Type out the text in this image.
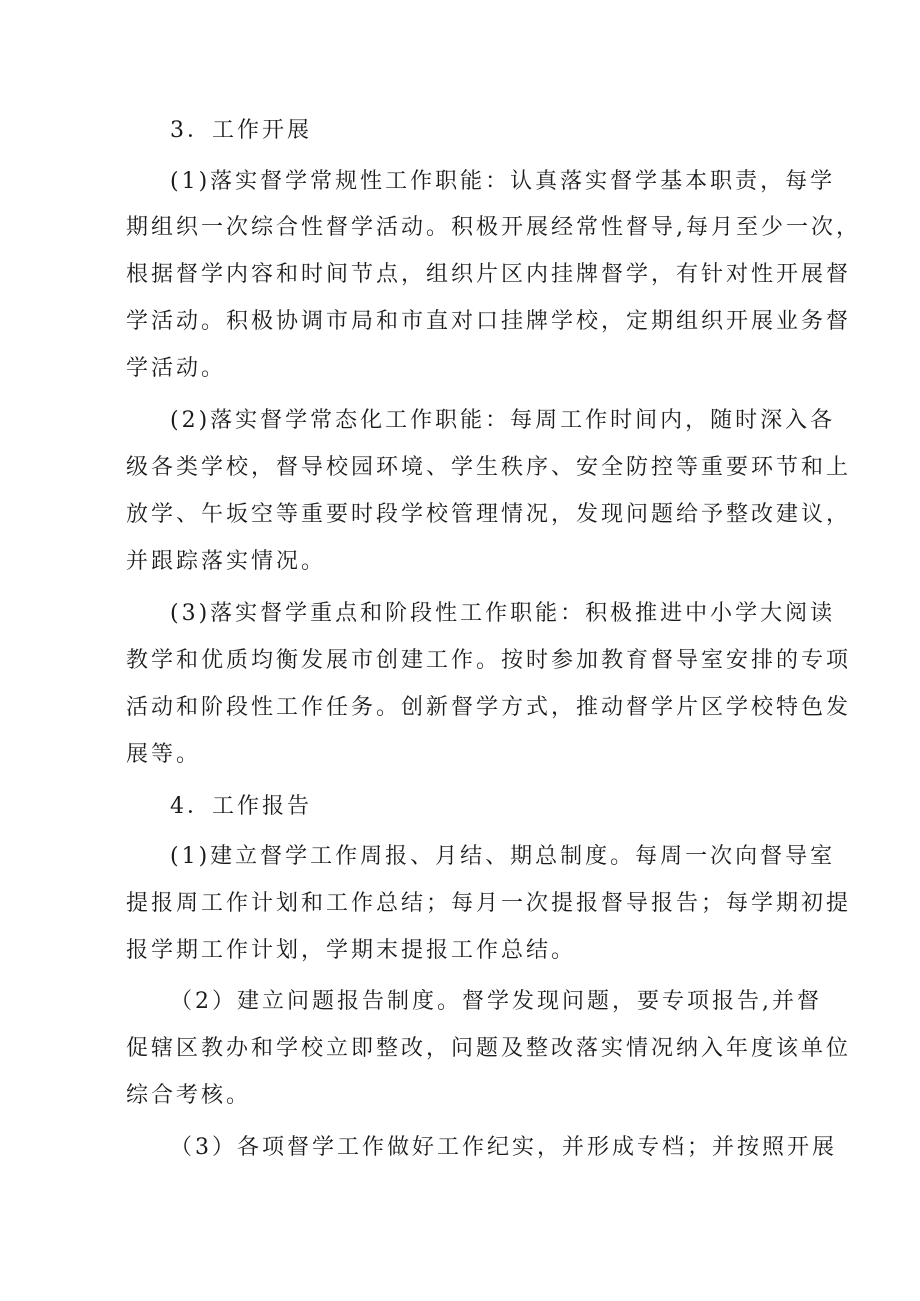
3．工作开展
(1)落实督学常规性工作职能：认真落实督学基本职责，每学
期组织一次综合性督学活动。积极开展经常性督导,每月至少一次，
根据督学内容和时间节点，组织片区内挂牌督学，有针对性开展督
学活动。积极协调市局和市直对口挂牌学校，定期组织开展业务督
学活动。
(2)落实督学常态化工作职能：每周工作时间内，随时深入各
级各类学校，督导校园环境、学生秩序、安全防控等重要环节和上
放学、午坂空等重要时段学校管理情况，发现问题给予整改建议，
并跟踪落实情况。
(3)落实督学重点和阶段性工作职能：积极推进中小学大阅读
教学和优质均衡发展市创建工作。按时参加教育督导室安排的专项
活动和阶段性工作任务。创新督学方式，推动督学片区学校特色发
展等。
4．工作报告
(1)建立督学工作周报、月结、期总制度。每周一次向督导室
提报周工作计划和工作总结；每月一次提报督导报告；每学期初提
报学期工作计划，学期末提报工作总结。
（2）建立问题报告制度。督学发现问题，要专项报告,并督
促辖区教办和学校立即整改，问题及整改落实情况纳入年度该单位
综合考核。
（3）各项督学工作做好工作纪实，并形成专档；并按照开展
